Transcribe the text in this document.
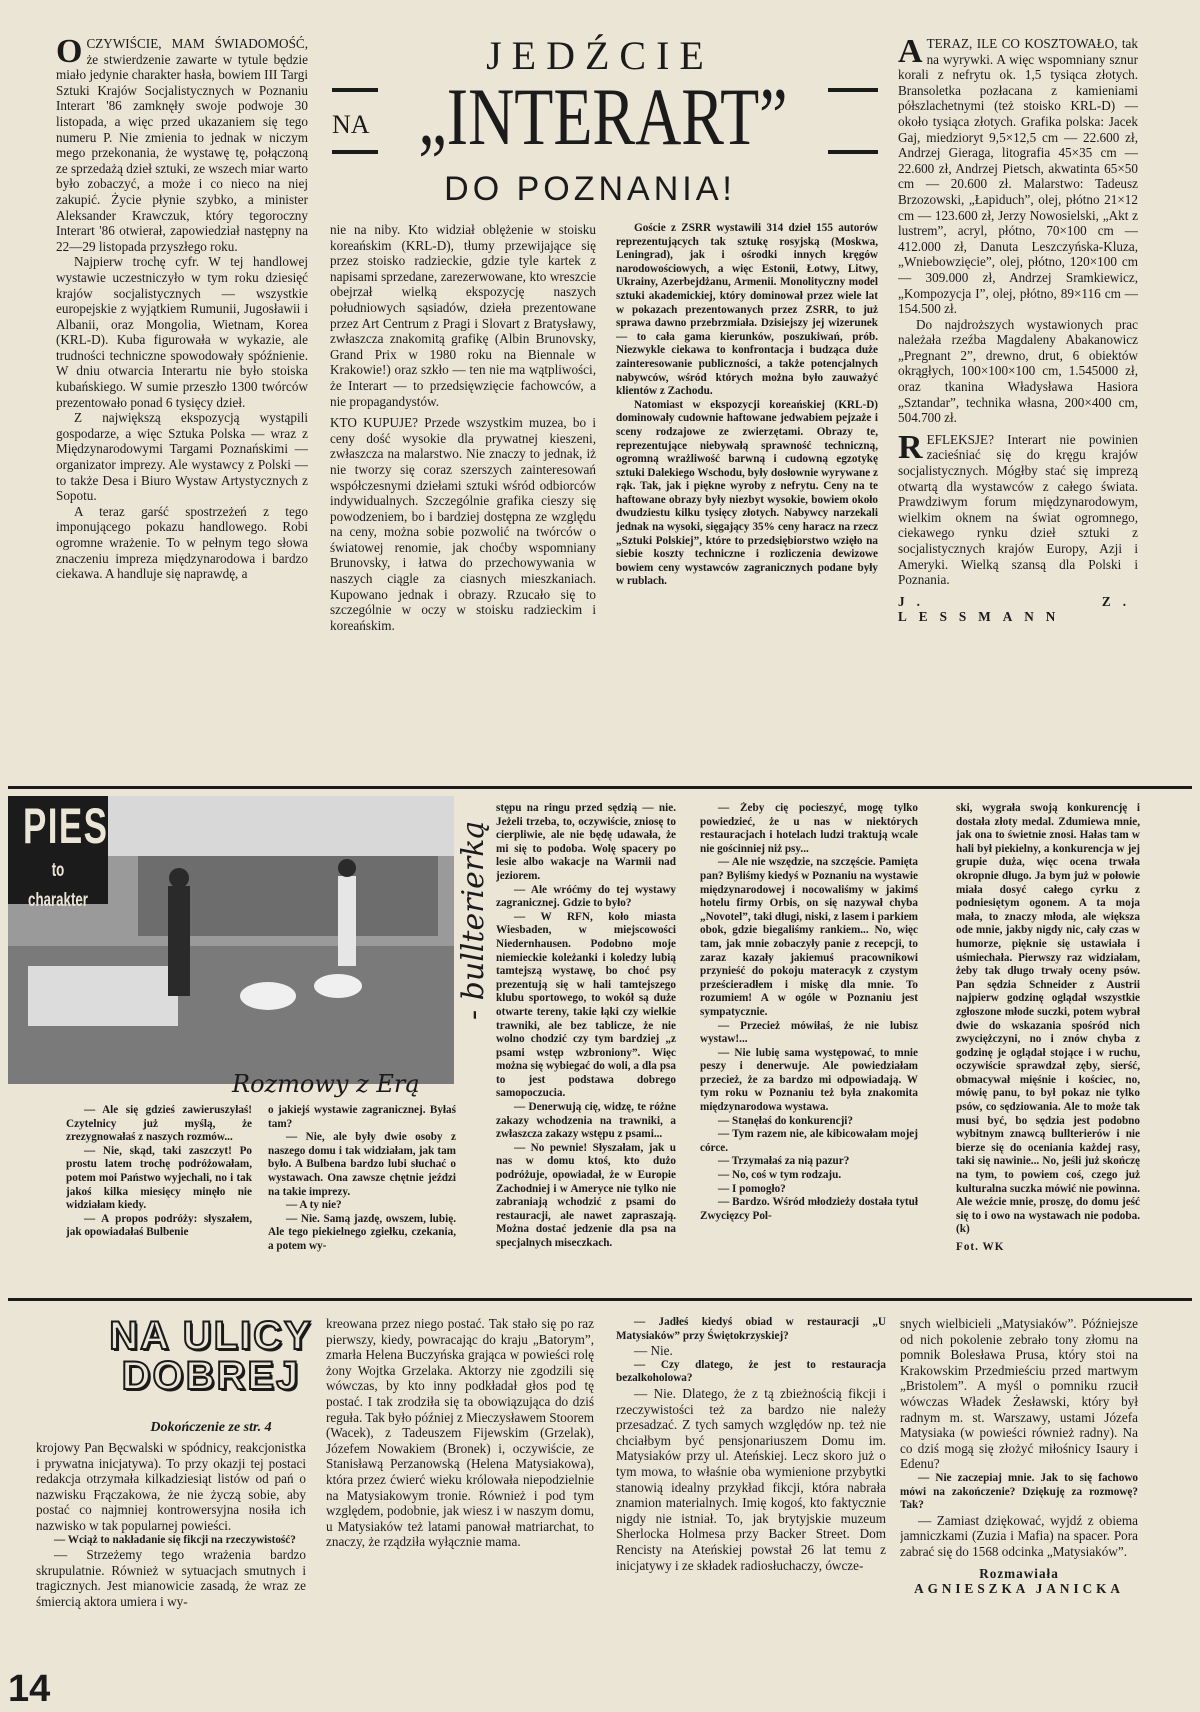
JEDŹCIE
NA „INTERART”
DO POZNANIA!
O CZYWIŚCIE, MAM ŚWIADOMOŚĆ, że stwierdzenie zawarte w tytule będzie miało jedynie charakter hasła, bowiem III Targi Sztuki Krajów Socjalistycznych w Poznaniu Interart '86 zamknęły swoje podwoje 30 listopada, a więc przed ukazaniem się tego numeru P. Nie zmienia to jednak w niczym mego przekonania, że wystawę tę, połączoną ze sprzedażą dzieł sztuki, ze wszech miar warto było zobaczyć, a może i co nieco na niej zakupić. Życie płynie szybko, a minister Aleksander Krawczuk, który tegoroczny Interart '86 otwierał, zapowiedział następny na 22—29 listopada przyszłego roku.

Najpierw trochę cyfr. W tej handlowej wystawie uczestniczyło w tym roku dziesięć krajów socjalistycznych — wszystkie europejskie z wyjątkiem Rumunii, Jugosławii i Albanii, oraz Mongolia, Wietnam, Korea (KRL-D). Kuba figurowała w wykazie, ale trudności techniczne spowodowały spóźnienie. W dniu otwarcia Interartu nie było stoiska kubańskiego. W sumie przeszło 1300 twórców prezentowało ponad 6 tysięcy dzieł.

Z największą ekspozycją wystąpili gospodarze, a więc Sztuka Polska — wraz z Międzynarodowymi Targami Poznańskimi — organizator imprezy. Ale wystawcy z Polski — to także Desa i Biuro Wystaw Artystycznych z Sopotu.

A teraz garść spostrzeżeń z tego imponującego pokazu handlowego. Robi ogromne wrażenie. To w pełnym tego słowa znaczeniu impreza międzynarodowa i bardzo ciekawa. A handluje się naprawdę, a

nie na niby. Kto widział oblężenie w stoisku koreańskim (KRL-D), tłumy przewijające się przez stoisko radzieckie, gdzie tyle kartek z napisami sprzedane, zarezerwowane, kto wreszcie obejrzał wielką ekspozycję naszych południowych sąsiadów, dzieła prezentowane przez Art Centrum z Pragi i Slovart z Bratysławy, zwłaszcza znakomitą grafikę (Albin Brunovsky, Grand Prix w 1980 roku na Biennale w Krakowie!) oraz szkło — ten nie ma wątpliwości, że Interart — to przedsięwzięcie fachowców, a nie propagandystów.

KTO KUPUJE? Przede wszystkim muzea, bo i ceny dość wysokie dla prywatnej kieszeni, zwłaszcza na malarstwo. Nie znaczy to jednak, iż nie tworzy się coraz szerszych zainteresowań współczesnymi dziełami sztuki wśród odbiorców indywidualnych. Szczególnie grafika cieszy się powodzeniem, bo i bardziej dostępna ze względu na ceny, można sobie pozwolić na twórców o światowej renomie, jak choćby wspomniany Brunovsky, i łatwa do przechowywania w naszych ciągle za ciasnych mieszkaniach. Kupowano jednak i obrazy. Rzucało się to szczególnie w oczy w stoisku radzieckim i koreańskim.

Goście z ZSRR wystawili 314 dzieł 155 autorów reprezentujących tak sztukę rosyjską (Moskwa, Leningrad), jak i ośrodki innych kręgów narodowościowych, a więc Estonii, Łotwy, Litwy, Ukrainy, Azerbejdżanu, Armenii. Monolityczny model sztuki akademickiej, który dominował przez wiele lat w pokazach prezentowanych przez ZSRR, to już sprawa dawno przebrzmiała. Dzisiejszy jej wizerunek — to cała gama kierunków, poszukiwań, prób. Niezwykle ciekawa to konfrontacja i budząca duże zainteresowanie publiczności, a także potencjalnych nabywców, wśród których można było zauważyć klientów z Zachodu.

Natomiast w ekspozycji koreańskiej (KRL-D) dominowały cudownie haftowane jedwabiem pejzaże i sceny rodzajowe ze zwierzętami. Obrazy te, reprezentujące niebywałą sprawność techniczną, ogromną wrażliwość barwną i cudowną egzotykę sztuki Dalekiego Wschodu, były dosłownie wyrywane z rąk. Tak, jak i piękne wyroby z nefrytu. Ceny na te haftowane obrazy były niezbyt wysokie, bowiem około dwudziestu kilku tysięcy złotych. Nabywcy narzekali jednak na wysoki, sięgający 35% ceny haracz na rzecz „Sztuki Polskiej”, które to przedsiębiorstwo wzięło na siebie koszty techniczne i rozliczenia dewizowe bowiem ceny wystawców zagranicznych podane były w rublach.

A TERAZ, ILE CO KOSZTOWAŁO, tak na wyrywki. A więc wspomniany sznur korali z nefrytu ok. 1,5 tysiąca złotych. Bransoletka pozłacana z kamieniami półszlachetnymi (też stoisko KRL-D) — około tysiąca złotych. Grafika polska: Jacek Gaj, miedzioryt 9,5×12,5 cm — 22.600 zł, Andrzej Gieraga, litografia 45×35 cm — 22.600 zł, Andrzej Pietsch, akwatinta 65×50 cm — 20.600 zł. Malarstwo: Tadeusz Brzozowski, „Łapiduch”, olej, płótno 21×12 cm — 123.600 zł, Jerzy Nowosielski, „Akt z lustrem”, acryl, płótno, 70×100 cm — 412.000 zł, Danuta Leszczyńska-Kluza, „Wniebowzięcie”, olej, płótno, 120×100 cm — 309.000 zł, Andrzej Sramkiewicz, „Kompozycja I”, olej, płótno, 89×116 cm — 154.500 zł.

Do najdroższych wystawionych prac należała rzeźba Magdaleny Abakanowicz „Pregnant 2”, drewno, drut, 6 obiektów okrągłych, 100×100×100 cm, 1.545000 zł, oraz tkanina Władysława Hasiora „Sztandar”, technika własna, 200×400 cm, 504.700 zł.

REFLEKSJE? Interart nie powinien zacieśniać się do kręgu krajów socjalistycznych. Mógłby stać się imprezą otwartą dla wystawców z całego świata. Prawdziwym forum międzynarodowym, wielkim oknem na świat ogromnego, ciekawego rynku dzieł sztuki z socjalistycznych krajów Europy, Azji i Ameryki. Wielką szansą dla Polski i Poznania.

J. Z. LESSMANN

PIES
to charakter	- bullterierką
Rozmowy z Erą

— Ale się gdzieś zawieruszyłaś! Czytelnicy już myślą, że zrezygnowałaś z naszych rozmów...

— Nie, skąd, taki zaszczyt! Po prostu latem trochę podróżowałam, potem moi Państwo wyjechali, no i tak jakoś kilka miesięcy minęło nie widziałam kiedy.

— A propos podróży: słyszałem, jak opowiadałaś Bulbenie

o jakiejś wystawie zagranicznej. Byłaś tam?

— Nie, ale były dwie osoby z naszego domu i tak widziałam, jak tam było. A Bulbena bardzo lubi słuchać o wystawach. Ona zawsze chętnie jeździ na takie imprezy.

— A ty nie?

— Nie. Samą jazdę, owszem, lubię. Ale tego piekielnego zgiełku, czekania, a potem wy-

stępu na ringu przed sędzią — nie. Jeżeli trzeba, to, oczywiście, zniosę to cierpliwie, ale nie będę udawała, że mi się to podoba. Wolę spacery po lesie albo wakacje na Warmii nad jeziorem.

— Ale wróćmy do tej wystawy zagranicznej. Gdzie to było?

— W RFN, koło miasta Wiesbaden, w miejscowości Niedernhausen. Podobno moje niemieckie koleżanki i koledzy lubią tamtejszą wystawę, bo choć psy prezentują się w hali tamtejszego klubu sportowego, to wokół są duże otwarte tereny, takie łąki czy wielkie trawniki, ale bez tablicze, że nie wolno chodzić czy tym bardziej „z psami wstęp wzbroniony”. Więc można się wybiegać do woli, a dla psa to jest podstawa dobrego samopoczucia.

— Denerwują cię, widzę, te różne zakazy wchodzenia na trawniki, a zwłaszcza zakazy wstępu z psami...

— No pewnie! Słyszałam, jak u nas w domu ktoś, kto dużo podróżuje, opowiadał, że w Europie Zachodniej i w Ameryce nie tylko nie zabraniają wchodzić z psami do restauracji, ale nawet zapraszają. Można dostać jedzenie dla psa na specjalnych miseczkach.

— Żeby cię pocieszyć, mogę tylko powiedzieć, że u nas w niektórych restauracjach i hotelach ludzi traktują wcale nie gościnniej niż psy...

— Ale nie wszędzie, na szczęście. Pamięta pan? Byliśmy kiedyś w Poznaniu na wystawie międzynarodowej i nocowaliśmy w jakimś hotelu firmy Orbis, on się nazywał chyba „Novotel”, taki długi, niski, z lasem i parkiem obok, gdzie biegaliśmy rankiem... No, więc tam, jak mnie zobaczyły panie z recepcji, to zaraz kazały jakiemuś pracownikowi przynieść do pokoju materacyk z czystym prześcieradłem i miskę dla mnie. To rozumiem! A w ogóle w Poznaniu jest sympatycznie.

— Przecież mówiłaś, że nie lubisz wystaw!...

— Nie lubię sama występować, to mnie peszy i denerwuje. Ale powiedziałam przecież, że za bardzo mi odpowiadają. W tym roku w Poznaniu też była znakomita międzynarodowa wystawa.

— Stanęłaś do konkurencji?

— Tym razem nie, ale kibicowałam mojej córce.

— Trzymałaś za nią pazur?

— No, coś w tym rodzaju.

— I pomogło?

— Bardzo. Wśród młodzieży dostała tytuł Zwycięzcy Pol-

ski, wygrała swoją konkurencję i dostała złoty medal. Zdumiewa mnie, jak ona to świetnie znosi. Hałas tam w hali był piekielny, a konkurencja w jej grupie duża, więc ocena trwała okropnie długo. Ja bym już w połowie miała dosyć całego cyrku z podniesiętym ogonem. A ta moja mała, to znaczy młoda, ale większa ode mnie, jakby nigdy nic, cały czas w humorze, pięknie się ustawiała i uśmiechała. Pierwszy raz widziałam, żeby tak długo trwały oceny psów. Pan sędzia Schneider z Austrii najpierw godzinę oglądał wszystkie zgłoszone młode suczki, potem wybrał dwie do wskazania spośród nich zwyciężczyni, no i znów chyba z godzinę je oglądał stojące i w ruchu, oczywiście sprawdzał zęby, sierść, obmacywał mięśnie i kościec, no, mówię panu, to był pokaz nie tylko psów, co sędziowania. Ale to może tak musi być, bo sędzia jest podobno wybitnym znawcą bullterierów i nie bierze się do oceniania każdej rasy, taki się nawinie... No, jeśli już skończę na tym, to powiem coś, czego już kulturalna suczka mówić nie powinna. Ale weźcie mnie, proszę, do domu jeść się to i owo na wystawach nie podoba. (k)

Fot. WK

NA ULICY
DOBREJ
Dokończenie ze str. 4

krojowy Pan Bęcwalski w spódnicy, reakcjonistka i prywatna inicjatywa). To przy okazji tej postaci redakcja otrzymała kilkadziesiąt listów od pań o nazwisku Frączakowa, że nie życzą sobie, aby postać co najmniej kontrowersyjna nosiła ich nazwisko w tak popularnej powieści.

— Wciąż to nakładanie się fikcji na rzeczywistość?

— Strzeżemy tego wrażenia bardzo skrupulatnie. Również w sytuacjach smutnych i tragicznych. Jest mianowicie zasadą, że wraz ze śmiercią aktora umiera i wy-

kreowana przez niego postać. Tak stało się po raz pierwszy, kiedy, powracając do kraju „Batorym”, zmarła Helena Buczyńska grająca w powieści rolę żony Wojtka Grzelaka. Aktorzy nie zgodzili się wówczas, by kto inny podkładał głos pod tę postać. I tak zrodziła się ta obowiązująca do dziś reguła. Tak było później z Mieczysławem Stoorem (Wacek), z Tadeuszem Fijewskim (Grzelak), Józefem Nowakiem (Bronek) i, oczywiście, ze Stanisławą Perzanowską (Helena Matysiakowa), która przez ćwierć wieku królowała niepodzielnie na Matysiakowym tronie. Również i pod tym względem, podobnie, jak wiesz i w naszym domu, u Matysiaków też latami panował matriarchat, to znaczy, że rządziła wyłącznie mama.

— Jadłeś kiedyś obiad w restauracji „U Matysiaków” przy Świętokrzyskiej?

— Nie.

— Czy dlatego, że jest to restauracja bezalkoholowa?

— Nie. Dlatego, że z tą zbieżnością fikcji i rzeczywistości też za bardzo nie należy przesadzać. Z tych samych względów np. też nie chciałbym być pensjonariuszem Domu im. Matysiaków przy ul. Ateńskiej. Lecz skoro już o tym mowa, to właśnie oba wymienione przybytki stanowią idealny przykład fikcji, która nabrała znamion materialnych. Imię kogoś, kto faktycznie nigdy nie istniał. To, jak brytyjskie muzeum Sherlocka Holmesa przy Backer Street. Dom Rencisty na Ateńskiej powstał 26 lat temu z inicjatywy i ze składek radiosłuchaczy, ówcze-

snych wielbicieli „Matysiaków”. Późniejsze od nich pokolenie zebrało tony złomu na pomnik Bolesława Prusa, który stoi na Krakowskim Przedmieściu przed martwym „Bristolem”. A myśl o pomniku rzucił wówczas Władek Żesławski, który był radnym m. st. Warszawy, ustami Józefa Matysiaka (w powieści również radny). Na co dziś mogą się złożyć miłośnicy Isaury i Edenu?

— Nie zaczepiaj mnie. Jak to się fachowo mówi na zakończenie? Dziękuję za rozmowę? Tak?

— Zamiast dziękować, wyjdź z obiema jamniczkami (Zuzia i Mafia) na spacer. Pora zabrać się do 1568 odcinka „Matysiaków”.

Rozmawiała

AGNIESZKA JANICKA

14
